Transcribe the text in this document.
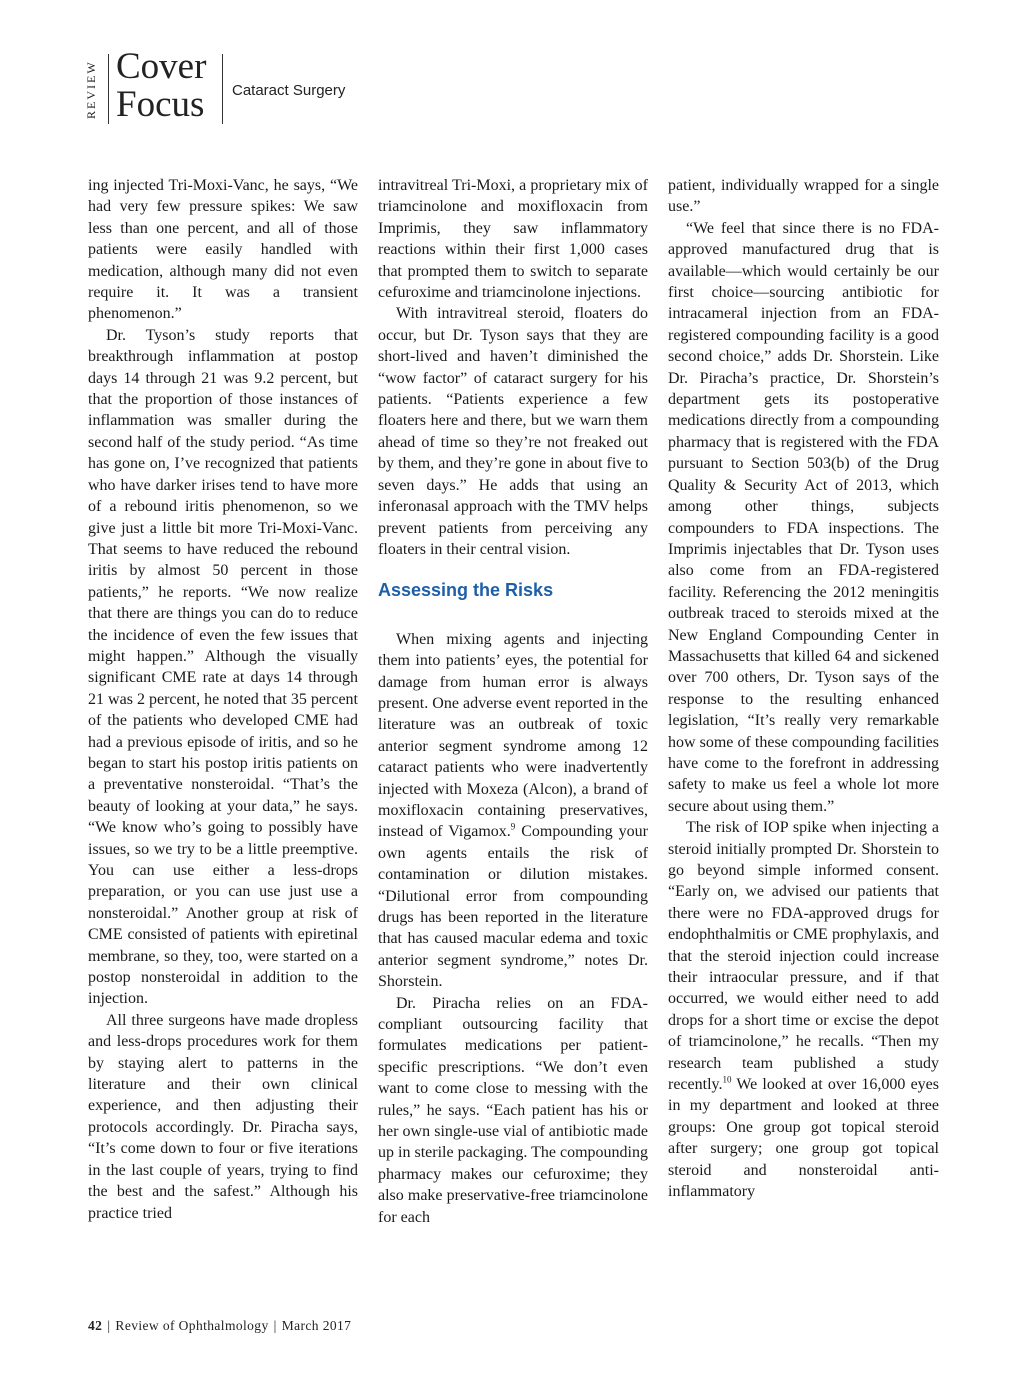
REVIEW Cover
Focus Cataract Surgery

ing injected Tri-Moxi-Vanc, he says, “We had very few pressure spikes: We saw less than one percent, and all of those patients were easily handled with medication, although many did not even require it. It was a transient phenomenon.”

Dr. Tyson’s study reports that breakthrough inflammation at postop days 14 through 21 was 9.2 percent, but that the proportion of those instances of inflammation was smaller during the second half of the study period. “As time has gone on, I’ve recognized that patients who have darker irises tend to have more of a rebound iritis phenomenon, so we give just a little bit more Tri-Moxi-Vanc. That seems to have reduced the rebound iritis by almost 50 percent in those patients,” he reports. “We now realize that there are things you can do to reduce the incidence of even the few issues that might happen.” Although the visually significant CME rate at days 14 through 21 was 2 percent, he noted that 35 percent of the patients who developed CME had had a previous episode of iritis, and so he began to start his postop iritis patients on a preventative nonsteroidal. “That’s the beauty of looking at your data,” he says. “We know who’s going to possibly have issues, so we try to be a little preemptive. You can use either a less-drops preparation, or you can use just use a nonsteroidal.” Another group at risk of CME consisted of patients with epiretinal membrane, so they, too, were started on a postop nonsteroidal in addition to the injection.

All three surgeons have made dropless and less-drops procedures work for them by staying alert to patterns in the literature and their own clinical experience, and then adjusting their protocols accordingly. Dr. Piracha says, “It’s come down to four or five iterations in the last couple of years, trying to find the best and the safest.” Although his practice tried

intravitreal Tri-Moxi, a proprietary mix of triamcinolone and moxifloxacin from Imprimis, they saw inflammatory reactions within their first 1,000 cases that prompted them to switch to separate cefuroxime and triamcinolone injections.

With intravitreal steroid, floaters do occur, but Dr. Tyson says that they are short-lived and haven’t diminished the “wow factor” of cataract surgery for his patients. “Patients experience a few floaters here and there, but we warn them ahead of time so they’re not freaked out by them, and they’re gone in about five to seven days.” He adds that using an inferonasal approach with the TMV helps prevent patients from perceiving any floaters in their central vision.

Assessing the Risks

When mixing agents and injecting them into patients’ eyes, the potential for damage from human error is always present. One adverse event reported in the literature was an outbreak of toxic anterior segment syndrome among 12 cataract patients who were inadvertently injected with Moxeza (Alcon), a brand of moxifloxacin containing preservatives, instead of Vigamox.$^9$ Compounding your own agents entails the risk of contamination or dilution mistakes. “Dilutional error from compounding drugs has been reported in the literature that has caused macular edema and toxic anterior segment syndrome,” notes Dr. Shorstein.

Dr. Piracha relies on an FDA-compliant outsourcing facility that formulates medications per patient-specific prescriptions. “We don’t even want to come close to messing with the rules,” he says. “Each patient has his or her own single-use vial of antibiotic made up in sterile packaging. The compounding pharmacy makes our cefuroxime; they also make preservative-free triamcinolone for each

patient, individually wrapped for a single use.”

“We feel that since there is no FDA-approved manufactured drug that is available—which would certainly be our first choice—sourcing antibiotic for intracameral injection from an FDA-registered compounding facility is a good second choice,” adds Dr. Shorstein. Like Dr. Piracha’s practice, Dr. Shorstein’s department gets its postoperative medications directly from a compounding pharmacy that is registered with the FDA pursuant to Section 503(b) of the Drug Quality & Security Act of 2013, which among other things, subjects compounders to FDA inspections. The Imprimis injectables that Dr. Tyson uses also come from an FDA-registered facility. Referencing the 2012 meningitis outbreak traced to steroids mixed at the New England Compounding Center in Massachusetts that killed 64 and sickened over 700 others, Dr. Tyson says of the response to the resulting enhanced legislation, “It’s really very remarkable how some of these compounding facilities have come to the forefront in addressing safety to make us feel a whole lot more secure about using them.”

The risk of IOP spike when injecting a steroid initially prompted Dr. Shorstein to go beyond simple informed consent. “Early on, we advised our patients that there were no FDA-approved drugs for endophthalmitis or CME prophylaxis, and that the steroid injection could increase their intraocular pressure, and if that occurred, we would either need to add drops for a short time or excise the depot of triamcinolone,” he recalls. “Then my research team published a study recently.$^{10}$ We looked at over 16,000 eyes in my department and looked at three groups: One group got topical steroid after surgery; one group got topical steroid and nonsteroidal anti-inflammatory

42 | Review of Ophthalmology | March 2017
